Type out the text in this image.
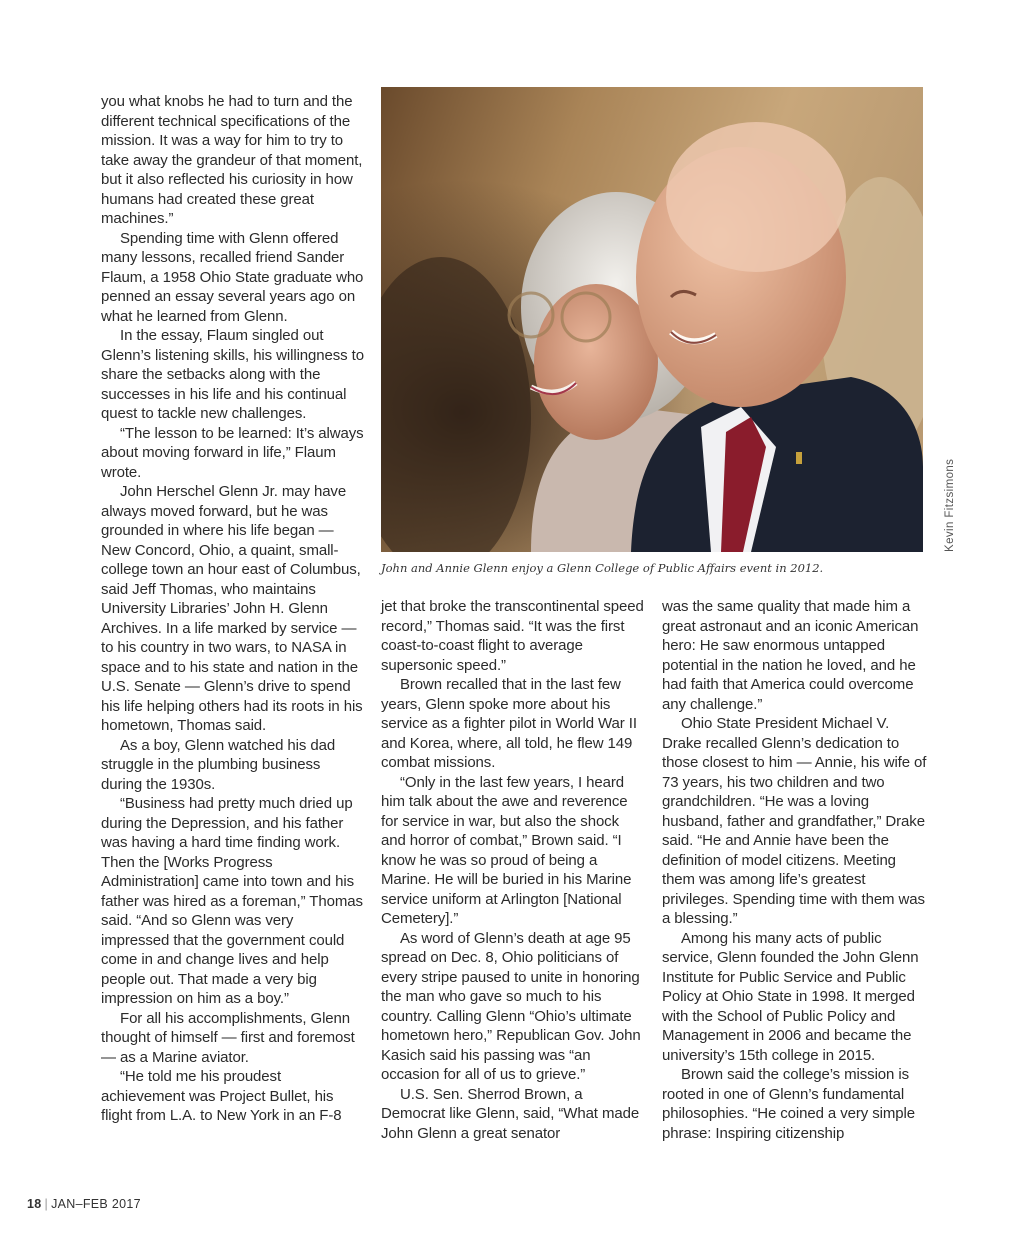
you what knobs he had to turn and the different technical specifications of the mission. It was a way for him to try to take away the grandeur of that moment, but it also reflected his curiosity in how humans had created these great machines.”

Spending time with Glenn offered many lessons, recalled friend Sander Flaum, a 1958 Ohio State graduate who penned an essay several years ago on what he learned from Glenn.

In the essay, Flaum singled out Glenn’s listening skills, his willingness to share the setbacks along with the successes in his life and his continual quest to tackle new challenges.

“The lesson to be learned: It’s always about moving forward in life,” Flaum wrote.

John Herschel Glenn Jr. may have always moved forward, but he was grounded in where his life began — New Concord, Ohio, a quaint, small-college town an hour east of Columbus, said Jeff Thomas, who maintains University Libraries’ John H. Glenn Archives. In a life marked by service — to his country in two wars, to NASA in space and to his state and nation in the U.S. Senate — Glenn’s drive to spend his life helping others had its roots in his hometown, Thomas said.

As a boy, Glenn watched his dad struggle in the plumbing business during the 1930s.

“Business had pretty much dried up during the Depression, and his father was having a hard time finding work. Then the [Works Progress Administration] came into town and his father was hired as a foreman,” Thomas said. “And so Glenn was very impressed that the government could come in and change lives and help people out. That made a very big impression on him as a boy.”

For all his accomplishments, Glenn thought of himself — first and foremost — as a Marine aviator.

“He told me his proudest achievement was Project Bullet, his flight from L.A. to New York in an F-8

Kevin Fitzsimons
John and Annie Glenn enjoy a Glenn College of Public Affairs event in 2012.

jet that broke the transcontinental speed record,” Thomas said. “It was the first coast-to-coast flight to average supersonic speed.”

Brown recalled that in the last few years, Glenn spoke more about his service as a fighter pilot in World War II and Korea, where, all told, he flew 149 combat missions.

“Only in the last few years, I heard him talk about the awe and reverence for service in war, but also the shock and horror of combat,” Brown said. “I know he was so proud of being a Marine. He will be buried in his Marine service uniform at Arlington [National Cemetery].”

As word of Glenn’s death at age 95 spread on Dec. 8, Ohio politicians of every stripe paused to unite in honoring the man who gave so much to his country. Calling Glenn “Ohio’s ultimate hometown hero,” Republican Gov. John Kasich said his passing was “an occasion for all of us to grieve.”

U.S. Sen. Sherrod Brown, a Democrat like Glenn, said, “What made John Glenn a great senator

was the same quality that made him a great astronaut and an iconic American hero: He saw enormous untapped potential in the nation he loved, and he had faith that America could overcome any challenge.”

Ohio State President Michael V. Drake recalled Glenn’s dedication to those closest to him — Annie, his wife of 73 years, his two children and two grandchildren. “He was a loving husband, father and grandfather,” Drake said. “He and Annie have been the definition of model citizens. Meeting them was among life’s greatest privileges. Spending time with them was a blessing.”

Among his many acts of public service, Glenn founded the John Glenn Institute for Public Service and Public Policy at Ohio State in 1998. It merged with the School of Public Policy and Management in 2006 and became the university’s 15th college in 2015.

Brown said the college’s mission is rooted in one of Glenn’s fundamental philosophies. “He coined a very simple phrase: Inspiring citizenship

18 | JAN–FEB 2017
